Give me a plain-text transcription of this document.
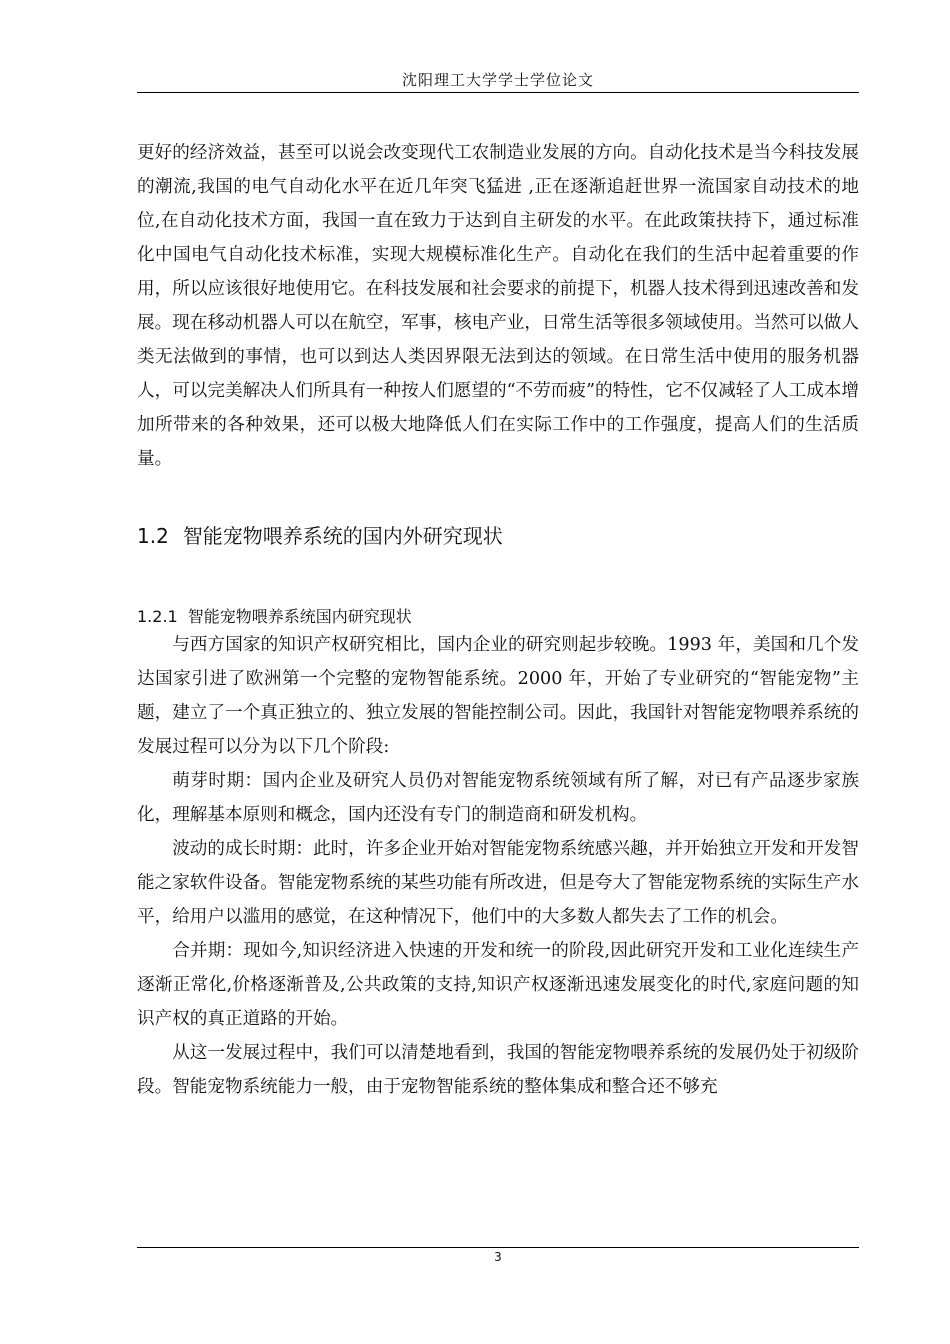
沈阳理工大学学士学位论文

更好的经济效益，甚至可以说会改变现代工农制造业发展的方向。自动化技术是当今科技发展的潮流,我国的电气自动化水平在近几年突飞猛进 ,正在逐渐追赶世界一流国家自动技术的地位,在自动化技术方面，我国一直在致力于达到自主研发的水平。在此政策扶持下，通过标准化中国电气自动化技术标准，实现大规模标准化生产。自动化在我们的生活中起着重要的作用，所以应该很好地使用它。在科技发展和社会要求的前提下，机器人技术得到迅速改善和发展。现在移动机器人可以在航空，军事，核电产业，日常生活等很多领域使用。当然可以做人类无法做到的事情，也可以到达人类因界限无法到达的领域。在日常生活中使用的服务机器人，可以完美解决人们所具有一种按人们愿望的“不劳而疲”的特性，它不仅减轻了人工成本增加所带来的各种效果，还可以极大地降低人们在实际工作中的工作强度，提高人们的生活质量。

1.2 智能宠物喂养系统的国内外研究现状
1.2.1 智能宠物喂养系统国内研究现状

与西方国家的知识产权研究相比，国内企业的研究则起步较晚。1993 年，美国和几个发达国家引进了欧洲第一个完整的宠物智能系统。2000 年，开始了专业研究的“智能宠物”主题，建立了一个真正独立的、独立发展的智能控制公司。因此，我国针对智能宠物喂养系统的发展过程可以分为以下几个阶段:

萌芽时期：国内企业及研究人员仍对智能宠物系统领域有所了解，对已有产品逐步家族化，理解基本原则和概念，国内还没有专门的制造商和研发机构。

波动的成长时期：此时，许多企业开始对智能宠物系统感兴趣，并开始独立开发和开发智能之家软件设备。智能宠物系统的某些功能有所改进，但是夸大了智能宠物系统的实际生产水平，给用户以滥用的感觉，在这种情况下，他们中的大多数人都失去了工作的机会。

合并期：现如今,知识经济进入快速的开发和统一的阶段,因此研究开发和工业化连续生产逐渐正常化,价格逐渐普及,公共政策的支持,知识产权逐渐迅速发展变化的时代,家庭问题的知识产权的真正道路的开始。

从这一发展过程中，我们可以清楚地看到，我国的智能宠物喂养系统的发展仍处于初级阶段。智能宠物系统能力一般，由于宠物智能系统的整体集成和整合还不够充

3
